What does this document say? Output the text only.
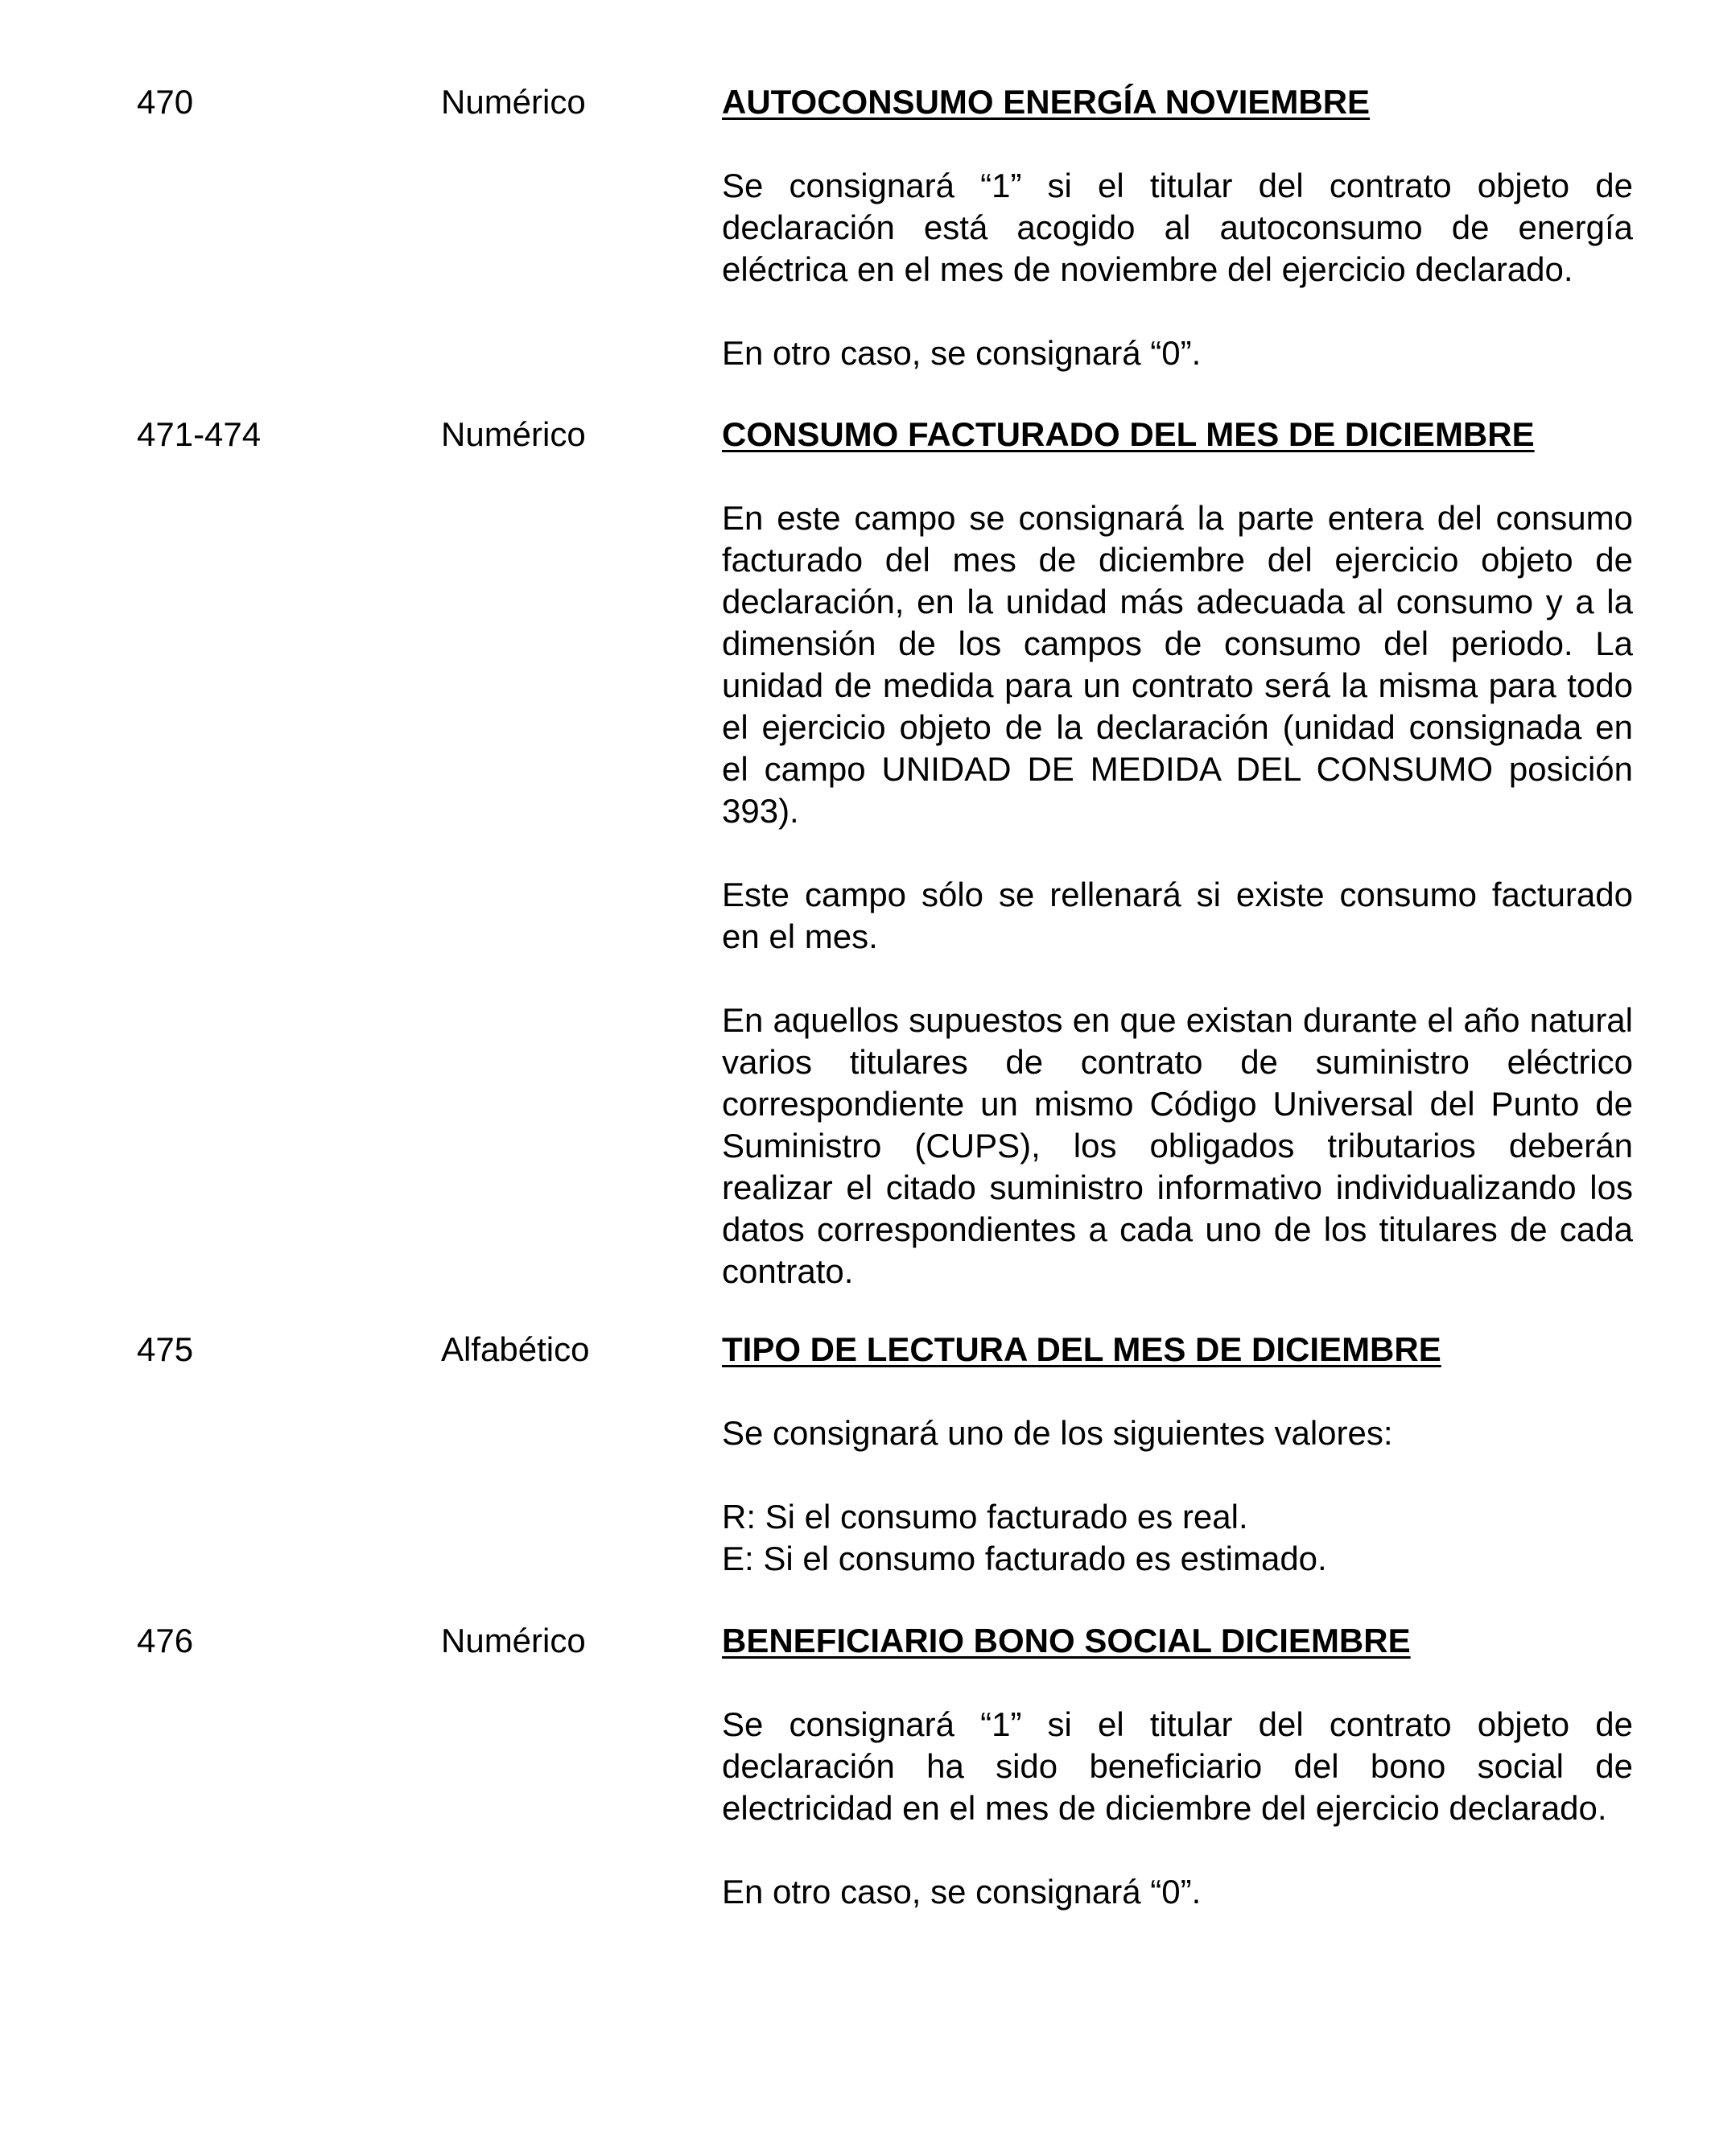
470	Numérico	AUTOCONSUMO ENERGÍA NOVIEMBRE

Se consignará “1” si el titular del contrato objeto de declaración está acogido al autoconsumo de energía eléctrica en el mes de noviembre del ejercicio declarado.

En otro caso, se consignará “0”.

471-474	Numérico	CONSUMO FACTURADO DEL MES DE DICIEMBRE

En este campo se consignará la parte entera del consumo facturado del mes de diciembre del ejercicio objeto de declaración, en la unidad más adecuada al consumo y a la dimensión de los campos de consumo del periodo. La unidad de medida para un contrato será la misma para todo el ejercicio objeto de la declaración (unidad consignada en el campo UNIDAD DE MEDIDA DEL CONSUMO posición 393).

Este campo sólo se rellenará si existe consumo facturado en el mes.

En aquellos supuestos en que existan durante el año natural varios titulares de contrato de suministro eléctrico correspondiente un mismo Código Universal del Punto de Suministro (CUPS), los obligados tributarios deberán realizar el citado suministro informativo individualizando los datos correspondientes a cada uno de los titulares de cada contrato.

475	Alfabético	TIPO DE LECTURA DEL MES DE DICIEMBRE

Se consignará uno de los siguientes valores:

R: Si el consumo facturado es real.
E: Si el consumo facturado es estimado.

476	Numérico	BENEFICIARIO BONO SOCIAL DICIEMBRE

Se consignará “1” si el titular del contrato objeto de declaración ha sido beneficiario del bono social de electricidad en el mes de diciembre del ejercicio declarado.

En otro caso, se consignará “0”.
